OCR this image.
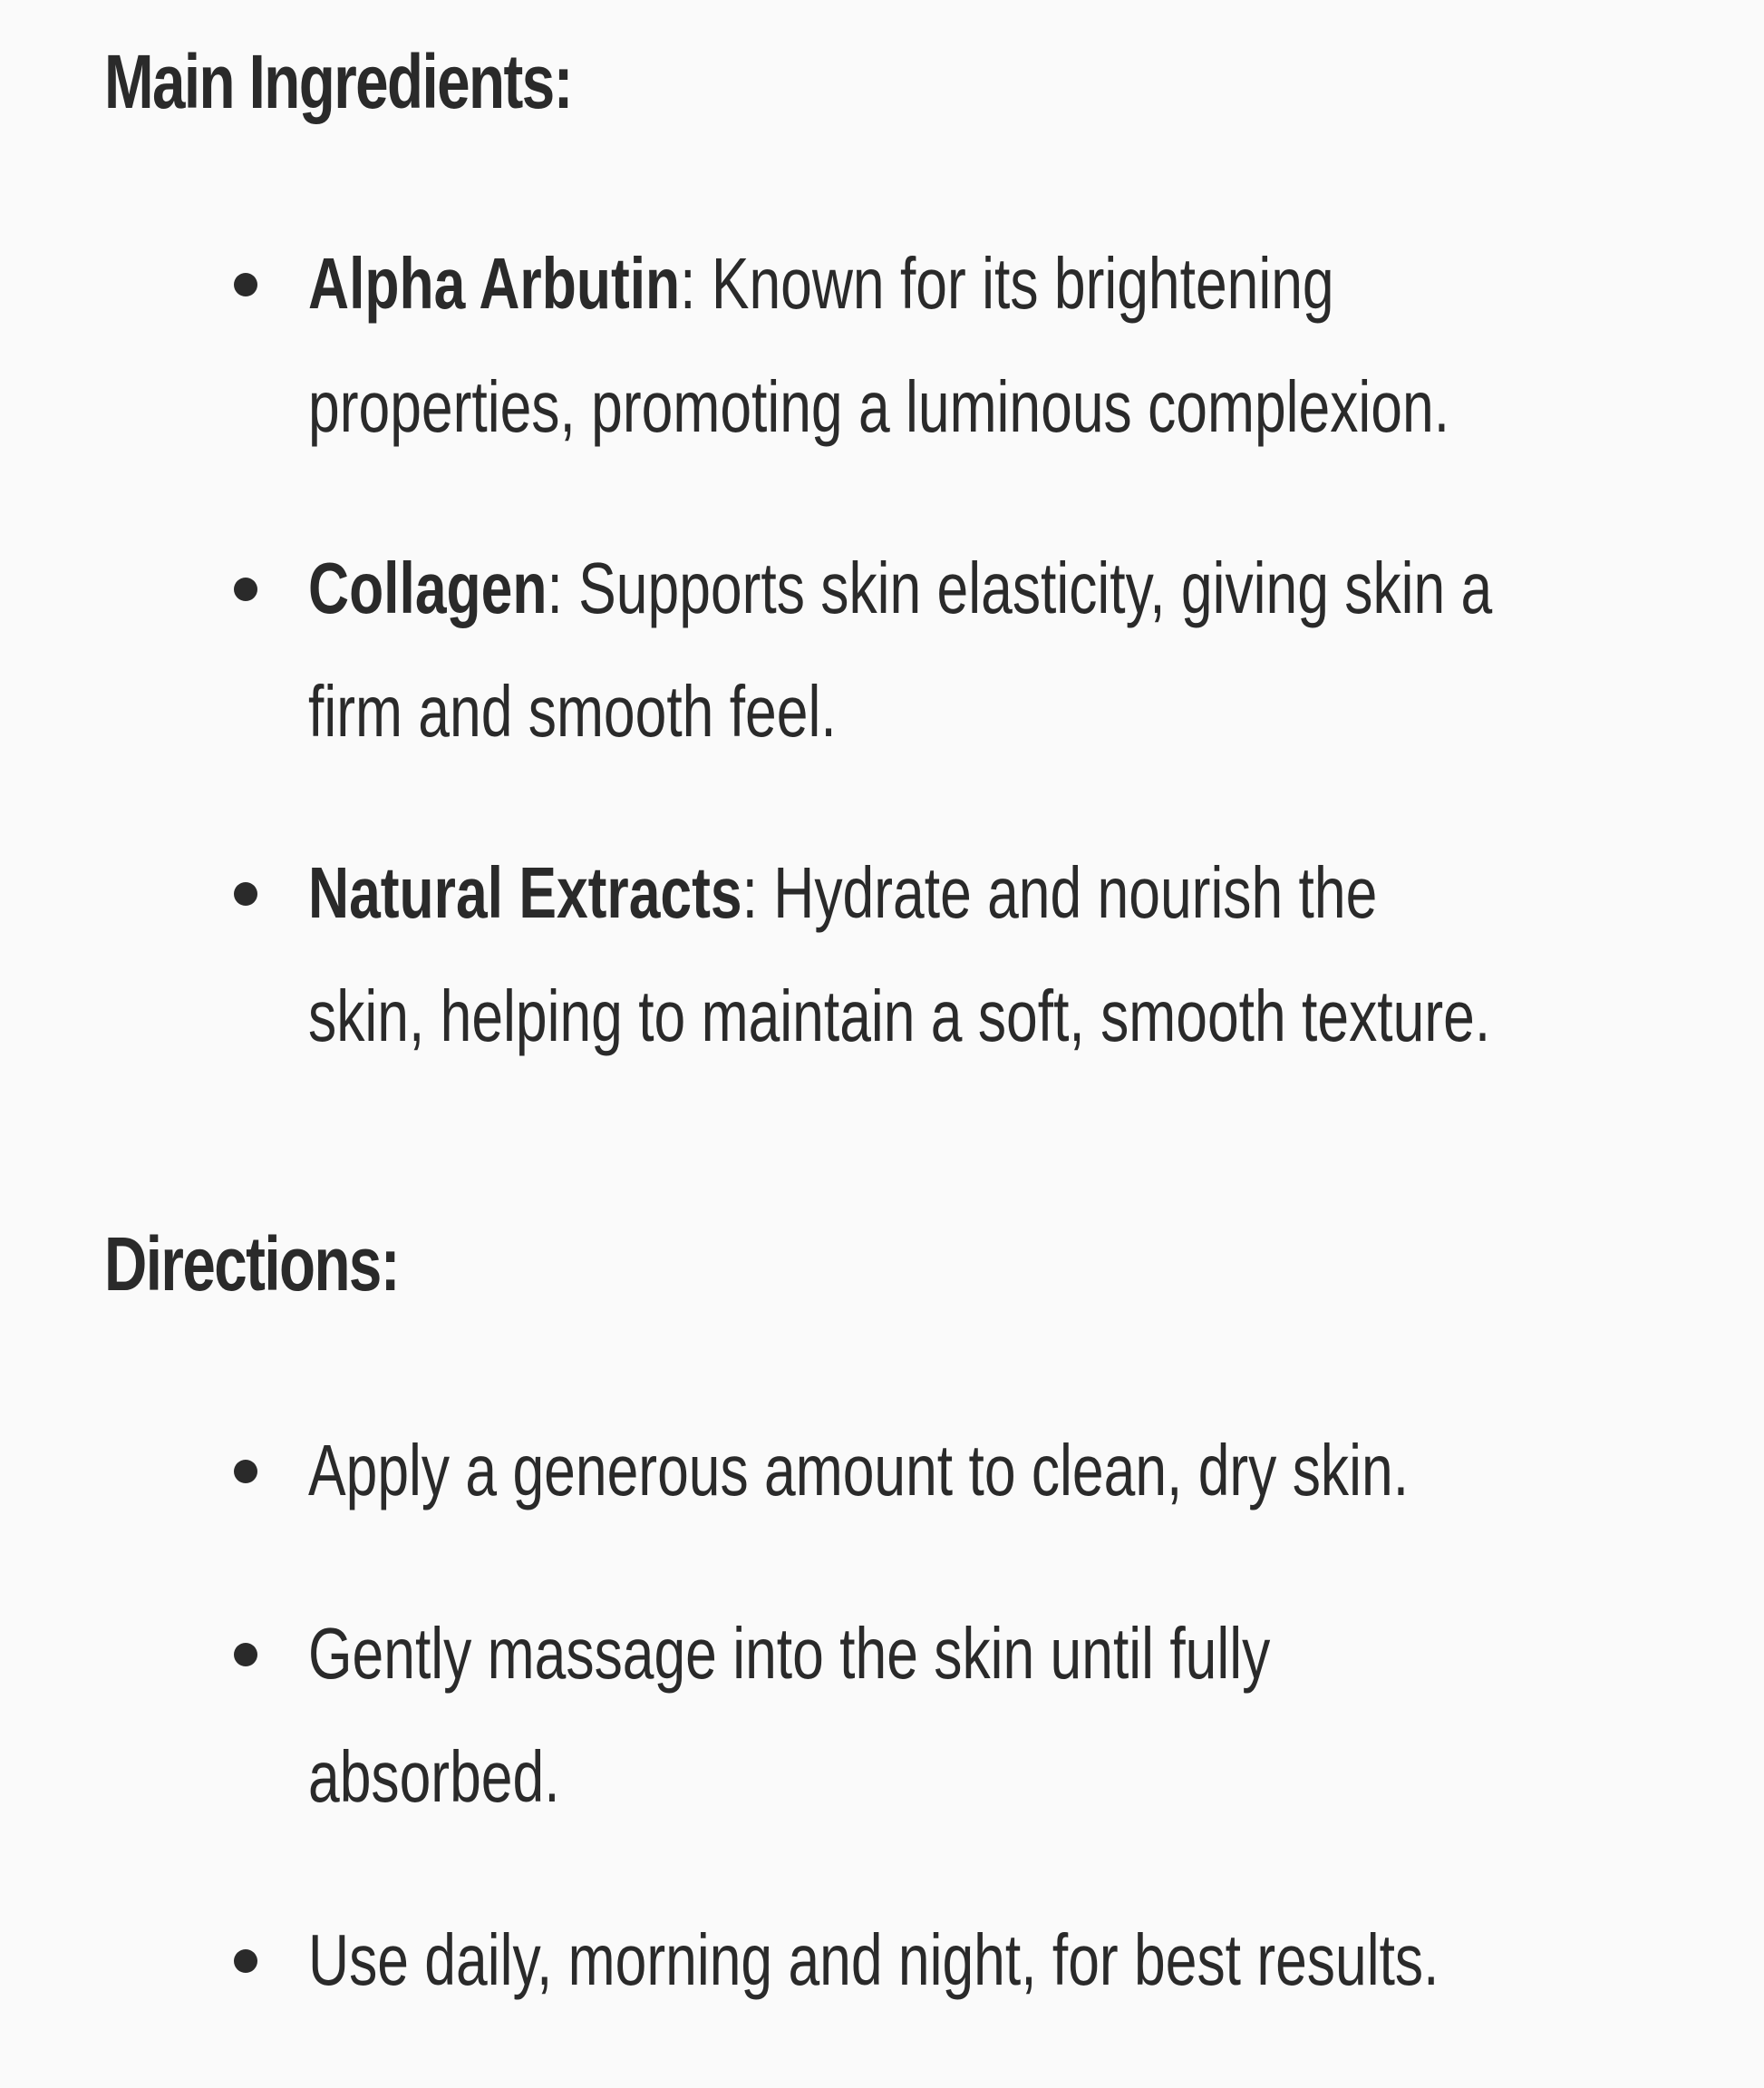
Main Ingredients:
Alpha Arbutin: Known for its brightening
properties, promoting a luminous complexion.
Collagen: Supports skin elasticity, giving skin a
firm and smooth feel.
Natural Extracts: Hydrate and nourish the
skin, helping to maintain a soft, smooth texture.
Directions:
Apply a generous amount to clean, dry skin.
Gently massage into the skin until fully
absorbed.
Use daily, morning and night, for best results.
